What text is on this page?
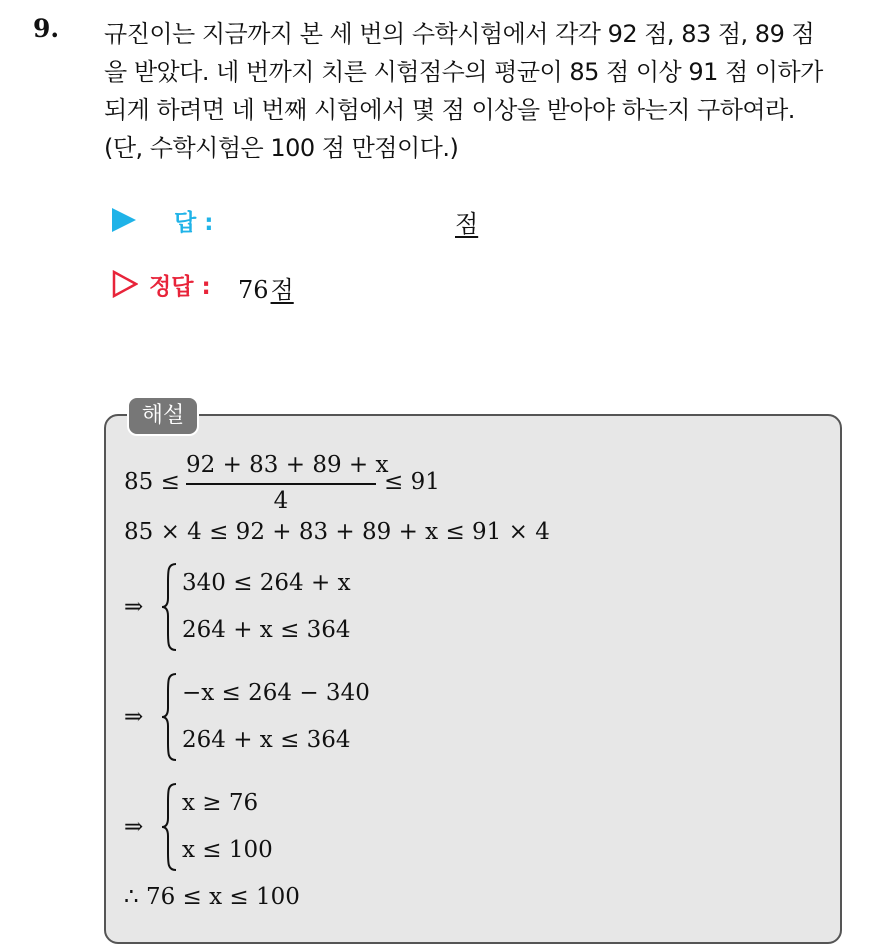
9. 규진이는 지금까지 본 세 번의 수학시험에서 각각 92 점, 83 점, 89 점
을 받았다. 네 번까지 치른 시험점수의 평균이 85 점 이상 91 점 이하가
되게 하려면 네 번째 시험에서 몇 점 이상을 받아야 하는지 구하여라.
(단, 수학시험은 100 점 만점이다.)
답 :	점
정답 : 76점
해설
85 ≤
92 + 83 + 89 + x
4
≤ 91
85 × 4 ≤ 92 + 83 + 89 + x ≤ 91 × 4
⇒
340 ≤ 264 + x
264 + x ≤ 364
⇒
−x ≤ 264 − 340
264 + x ≤ 364
⇒
x ≥ 76
x ≤ 100
∴ 76 ≤ x ≤ 100
